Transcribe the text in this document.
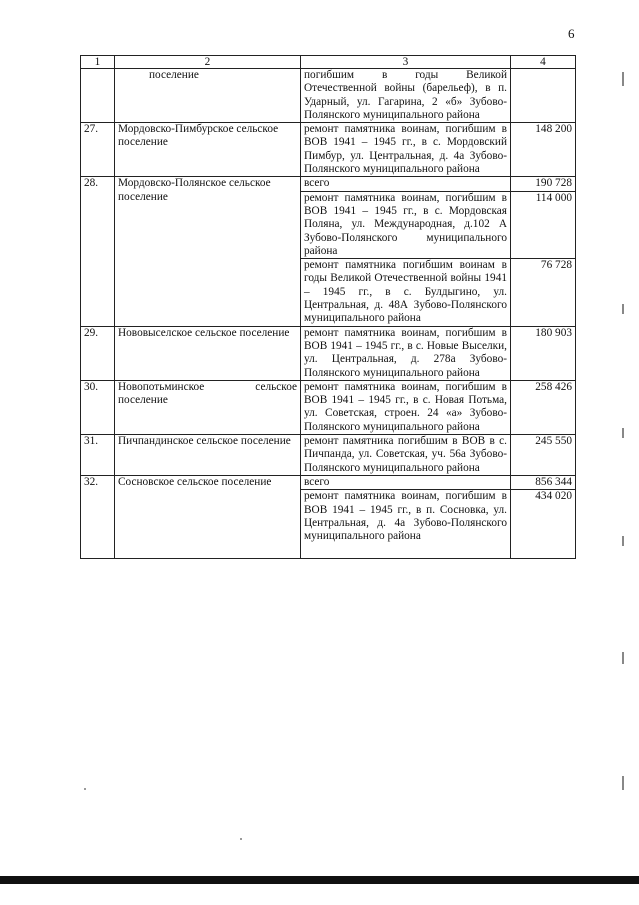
6
1	2	3	4
	поселение	погибшим в годы Великой Отечественной войны (барельеф), в п. Ударный, ул. Гагарина, 2 «б» Зубово-Полянского муниципального района	
27.	Мордовско-Пимбурское сельское поселение	ремонт памятника воинам, погибшим в ВОВ 1941 – 1945 гг., в с. Мордовский Пимбур, ул. Центральная, д. 4а Зубово-Полянского муниципального района	148 200
28.	Мордовско-Полянское сельское поселение	всего	190 728
		ремонт памятника воинам, погибшим в ВОВ 1941 – 1945 гг., в с. Мордовская Поляна, ул. Международная, д.102 А Зубово-Полянского муниципального района	114 000
		ремонт памятника погибшим воинам в годы Великой Отечественной войны 1941 – 1945 гг., в с. Булдыгино, ул. Центральная, д. 48А Зубово-Полянского муниципального района	76 728
29.	Нововыселское сельское поселение	ремонт памятника воинам, погибшим в ВОВ 1941 – 1945 гг., в с. Новые Выселки, ул. Центральная, д. 278а Зубово-Полянского муниципального района	180 903
30.	Новопотьминское сельское поселение	ремонт памятника воинам, погибшим в ВОВ 1941 – 1945 гг., в с. Новая Потьма, ул. Советская, строен. 24 «а» Зубово-Полянского муниципального района	258 426
31.	Пичпандинское сельское поселение	ремонт памятника погибшим в ВОВ в с. Пичпанда, ул. Советская, уч. 56а Зубово-Полянского муниципального района	245 550
32.	Сосновское сельское поселение	всего	856 344
		ремонт памятника воинам, погибшим в ВОВ 1941 – 1945 гг., в п. Сосновка, ул. Центральная, д. 4а Зубово-Полянского муниципального района	434 020
